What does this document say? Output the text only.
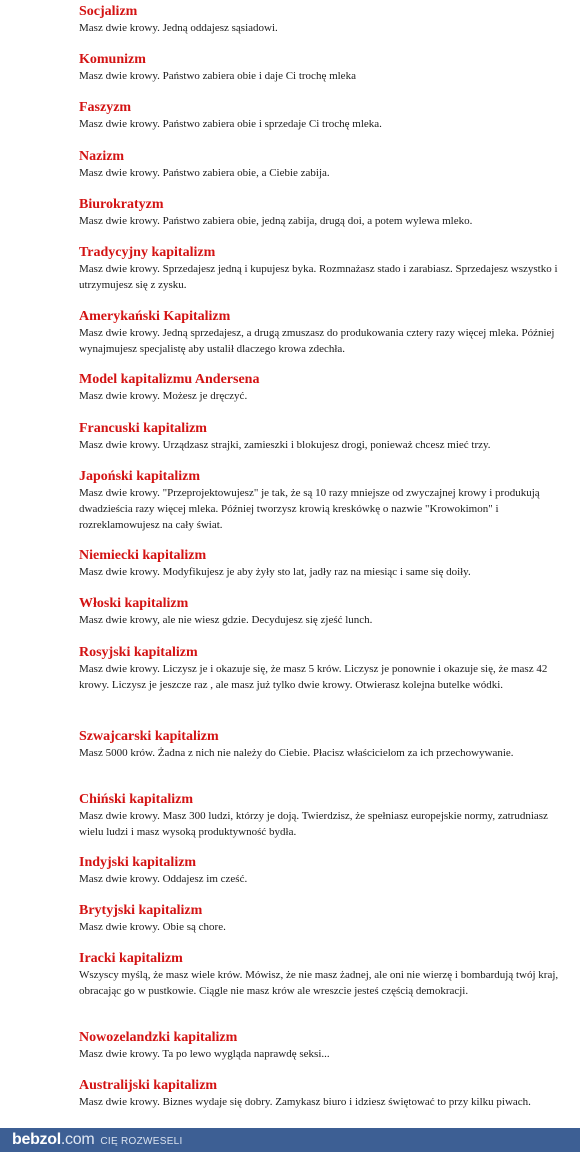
Socjalizm
Masz dwie krowy. Jedną oddajesz sąsiadowi.
Komunizm
Masz dwie krowy. Państwo zabiera obie i daje Ci trochę mleka
Faszyzm
Masz dwie krowy. Państwo zabiera obie i sprzedaje Ci trochę mleka.
Nazizm
Masz dwie krowy. Państwo zabiera obie, a Ciebie zabija.
Biurokratyzm
Masz dwie krowy. Państwo zabiera obie, jedną zabija, drugą doi, a potem wylewa mleko.
Tradycyjny kapitalizm
Masz dwie krowy. Sprzedajesz jedną i kupujesz byka. Rozmnażasz stado i zarabiasz. Sprzedajesz wszystko i utrzymujesz się z zysku.
Amerykański Kapitalizm
Masz dwie krowy. Jedną sprzedajesz, a drugą zmuszasz do produkowania cztery razy więcej mleka. Później wynajmujesz specjalistę aby ustalił dlaczego krowa zdechła.
Model kapitalizmu Andersena
Masz dwie krowy. Możesz je dręczyć.
Francuski kapitalizm
Masz dwie krowy. Urządzasz strajki, zamieszki i blokujesz drogi, ponieważ chcesz mieć trzy.
Japoński kapitalizm
Masz dwie krowy. "Przeprojektowujesz" je tak, że są 10 razy mniejsze od zwyczajnej krowy i produkują dwadzieścia razy więcej mleka. Później tworzysz krowią kreskówkę o nazwie "Krowokimon" i rozreklamowujesz na cały świat.
Niemiecki kapitalizm
Masz dwie krowy. Modyfikujesz je aby żyły sto lat, jadły raz na miesiąc i same się doiły.
Włoski kapitalizm
Masz dwie krowy, ale nie wiesz gdzie. Decydujesz się zjeść lunch.
Rosyjski kapitalizm
Masz dwie krowy. Liczysz je i okazuje się, że masz 5 krów. Liczysz je ponownie i okazuje się, że masz 42 krowy. Liczysz je jeszcze raz , ale masz już tylko dwie krowy. Otwierasz kolejna butelke wódki.
Szwajcarski kapitalizm
Masz 5000 krów. Żadna z nich nie należy do Ciebie. Płacisz właścicielom za ich przechowywanie.
Chiński kapitalizm
Masz dwie krowy. Masz 300 ludzi, którzy je doją. Twierdzisz, że spełniasz europejskie normy, zatrudniasz wielu ludzi i masz wysoką produktywność bydła.
Indyjski kapitalizm
Masz dwie krowy. Oddajesz im cześć.
Brytyjski kapitalizm
Masz dwie krowy. Obie są chore.
Iracki kapitalizm
Wszyscy myślą, że masz wiele krów. Mówisz, że nie masz żadnej, ale oni nie wierzę i bombardują twój kraj, obracając go w pustkowie. Ciągle nie masz krów ale wreszcie jesteś częścią demokracji.
Nowozelandzki kapitalizm
Masz dwie krowy. Ta po lewo wygląda naprawdę seksi...
Australijski kapitalizm
Masz dwie krowy. Biznes wydaje się dobry. Zamykasz biuro i idziesz świętować to przy kilku piwach.
bebzol.com CIĘ ROZWESELI
